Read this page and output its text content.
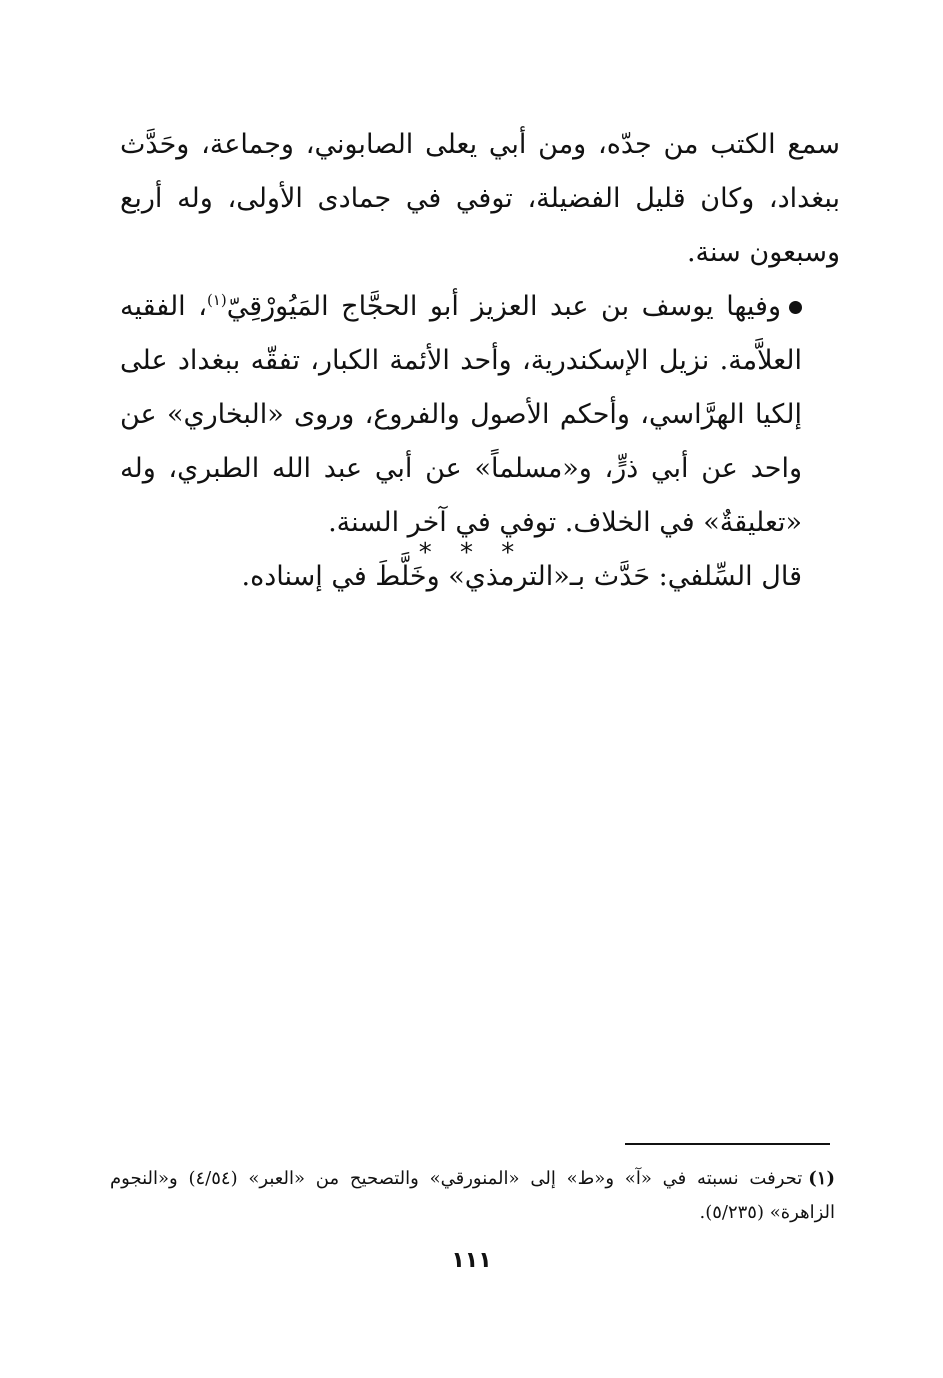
سمع الكتب من جدّه، ومن أبي يعلى الصابوني، وجماعة، وحَدَّث ببغداد، وكان قليل الفضيلة، توفي في جمادى الأولى، وله أربع وسبعون سنة.

وفيها يوسف بن عبد العزيز أبو الحجَّاج المَيُورْقِيّ$^{(١)}$، الفقيه العلاَّمة. نزيل الإسكندرية، وأحد الأئمة الكبار، تفقّه ببغداد على إلكيا الهرَّاسي، وأحكم الأصول والفروع، وروى «البخاري» عن واحد عن أبي ذرٍّ، و«مسلماً» عن أبي عبد الله الطبري، وله «تعليقةٌ» في الخلاف. توفي في آخر السنة.

قال السِّلفي: حَدَّث بـ«الترمذي» وخَلَّطَ في إسناده.

* * *

(١)تحرفت نسبته في «آ» و«ط» إلى «المنورقي» والتصحيح من «العبر» (٤/٥٤) و«النجوم الزاهرة» (٥/٢٣٥).

١١١
